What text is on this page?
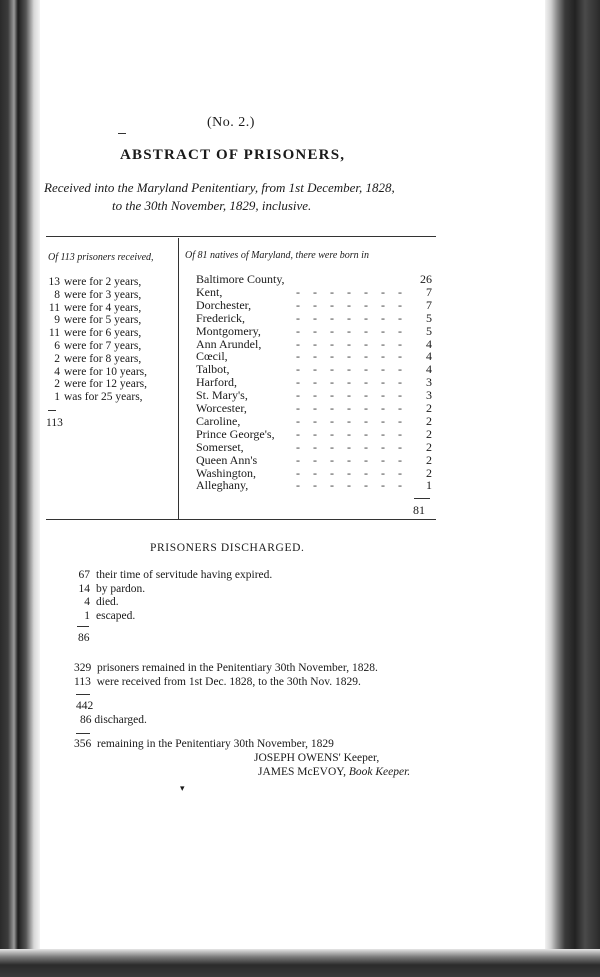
(No. 2.)
ABSTRACT OF PRISONERS,
Received into the Maryland Penitentiary, from 1st December, 1828,
to the 30th November, 1829, inclusive.
Of 113 prisoners received,
13 were for 2 years,
8 were for 3 years,
11 were for 4 years,
9 were for 5 years,
11 were for 6 years,
6 were for 7 years,
2 were for 8 years,
4 were for 10 years,
2 were for 12 years,
1 was for 25 years,
113
Of 81 natives of Maryland, there were born in
Baltimore County,	26
Kent,	- - - - - - -	7
Dorchester,	- - - - - - -	7
Frederick,	- - - - - - -	5
Montgomery,	- - - - - - -	5
Ann Arundel,	- - - - - - -	4
Cœcil,	- - - - - - -	4
Talbot,	- - - - - - -	4
Harford,	- - - - - - -	3
St. Mary's,	- - - - - - -	3
Worcester,	- - - - - - -	2
Caroline,	- - - - - - -	2
Prince George's, - - - - - - -	2
Somerset,	- - - - - - -	2
Queen Ann's	- - - - - - -	2
Washington,	- - - - - - -	2
Alleghany,	- - - - - - -	1
81
PRISONERS DISCHARGED.
67 their time of servitude having expired.
14 by pardon.
4 died.
1 escaped.
86
329 prisoners remained in the Penitentiary 30th November, 1828.
113 were received from 1st Dec. 1828, to the 30th Nov. 1829.
442
86 discharged.
356 remaining in the Penitentiary 30th November, 1829
JOSEPH OWENS' Keeper,
JAMES McEVOY, Book Keeper.
▾
